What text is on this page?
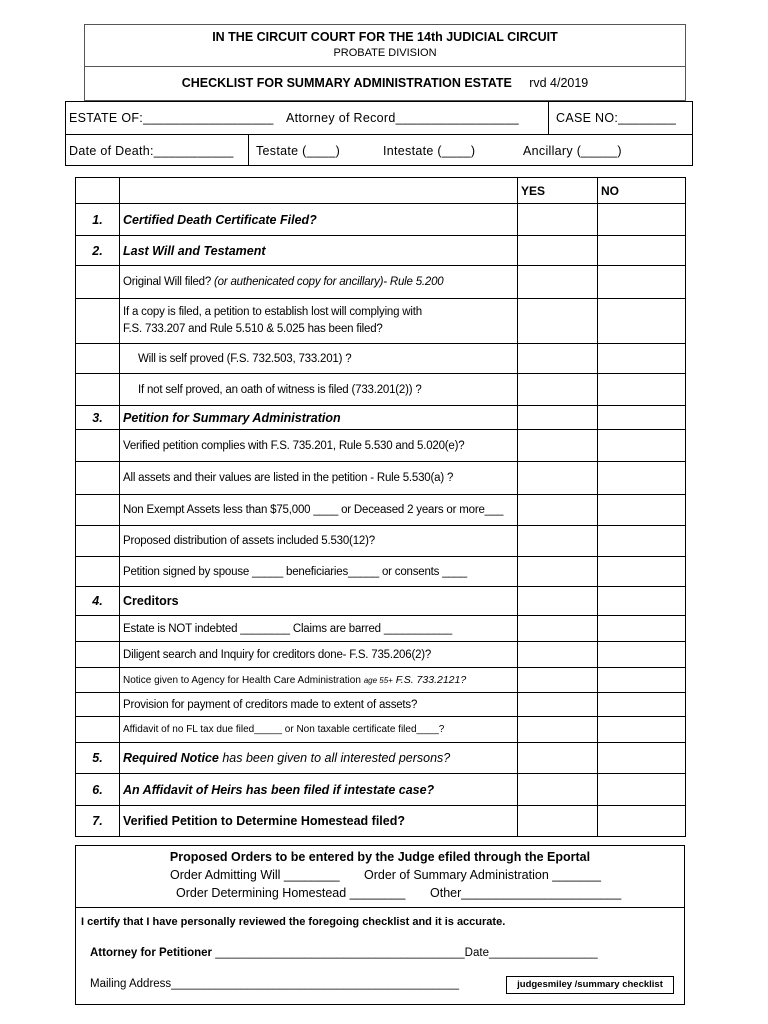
IN THE CIRCUIT COURT FOR THE 14th JUDICIAL CIRCUIT
PROBATE DIVISION
CHECKLIST FOR SUMMARY ADMINISTRATION ESTATE rvd 4/2019
ESTATE OF:__________________ Attorney of Record_________________	CASE NO:________
Date of Death:___________ Testate (____)	Intestate (____)	Ancillary (_____)
		YES	NO
1.	Certified Death Certificate Filed?		
2.	Last Will and Testament		
	Original Will filed? (or authenicated copy for ancillary)- Rule 5.200		
	If a copy is filed, a petition to establish lost will complying with
F.S. 733.207 and Rule 5.510 & 5.025 has been filed?		
	Will is self proved (F.S. 732.503, 733.201) ?		
	If not self proved, an oath of witness is filed (733.201(2)) ?		
3.	Petition for Summary Administration		
	Verified petition complies with F.S. 735.201, Rule 5.530 and 5.020(e)?		
	All assets and their values are listed in the petition - Rule 5.530(a) ?		
	Non Exempt Assets less than $75,000 ____ or Deceased 2 years or more___		
	Proposed distribution of assets included 5.530(12)?		
	Petition signed by spouse _____ beneficiaries_____ or consents ____		
4.	Creditors		
	Estate is NOT indebted ________ Claims are barred ___________		
	Diligent search and Inquiry for creditors done- F.S. 735.206(2)?		
	Notice given to Agency for Health Care Administration age 55+ F.S. 733.2121?		
	Provision for payment of creditors made to extent of assets?		
	Affidavit of no FL tax due filed_____ or Non taxable certificate filed____?		
5.	Required Notice has been given to all interested persons?		
6.	An Affidavit of Heirs has been filed if intestate case?		
7.	Verified Petition to Determine Homestead filed?		
Proposed Orders to be entered by the Judge efiled through the Eportal
Order Admitting Will ________ Order of Summary Administration _______
Order Determining Homestead ________ Other_______________________
I certify that I have personally reviewed the foregoing checklist and it is accurate.
Attorney for Petitioner _______________________________________Date_________________
Mailing Address_____________________________________________	judgesmiley /summary checklist
